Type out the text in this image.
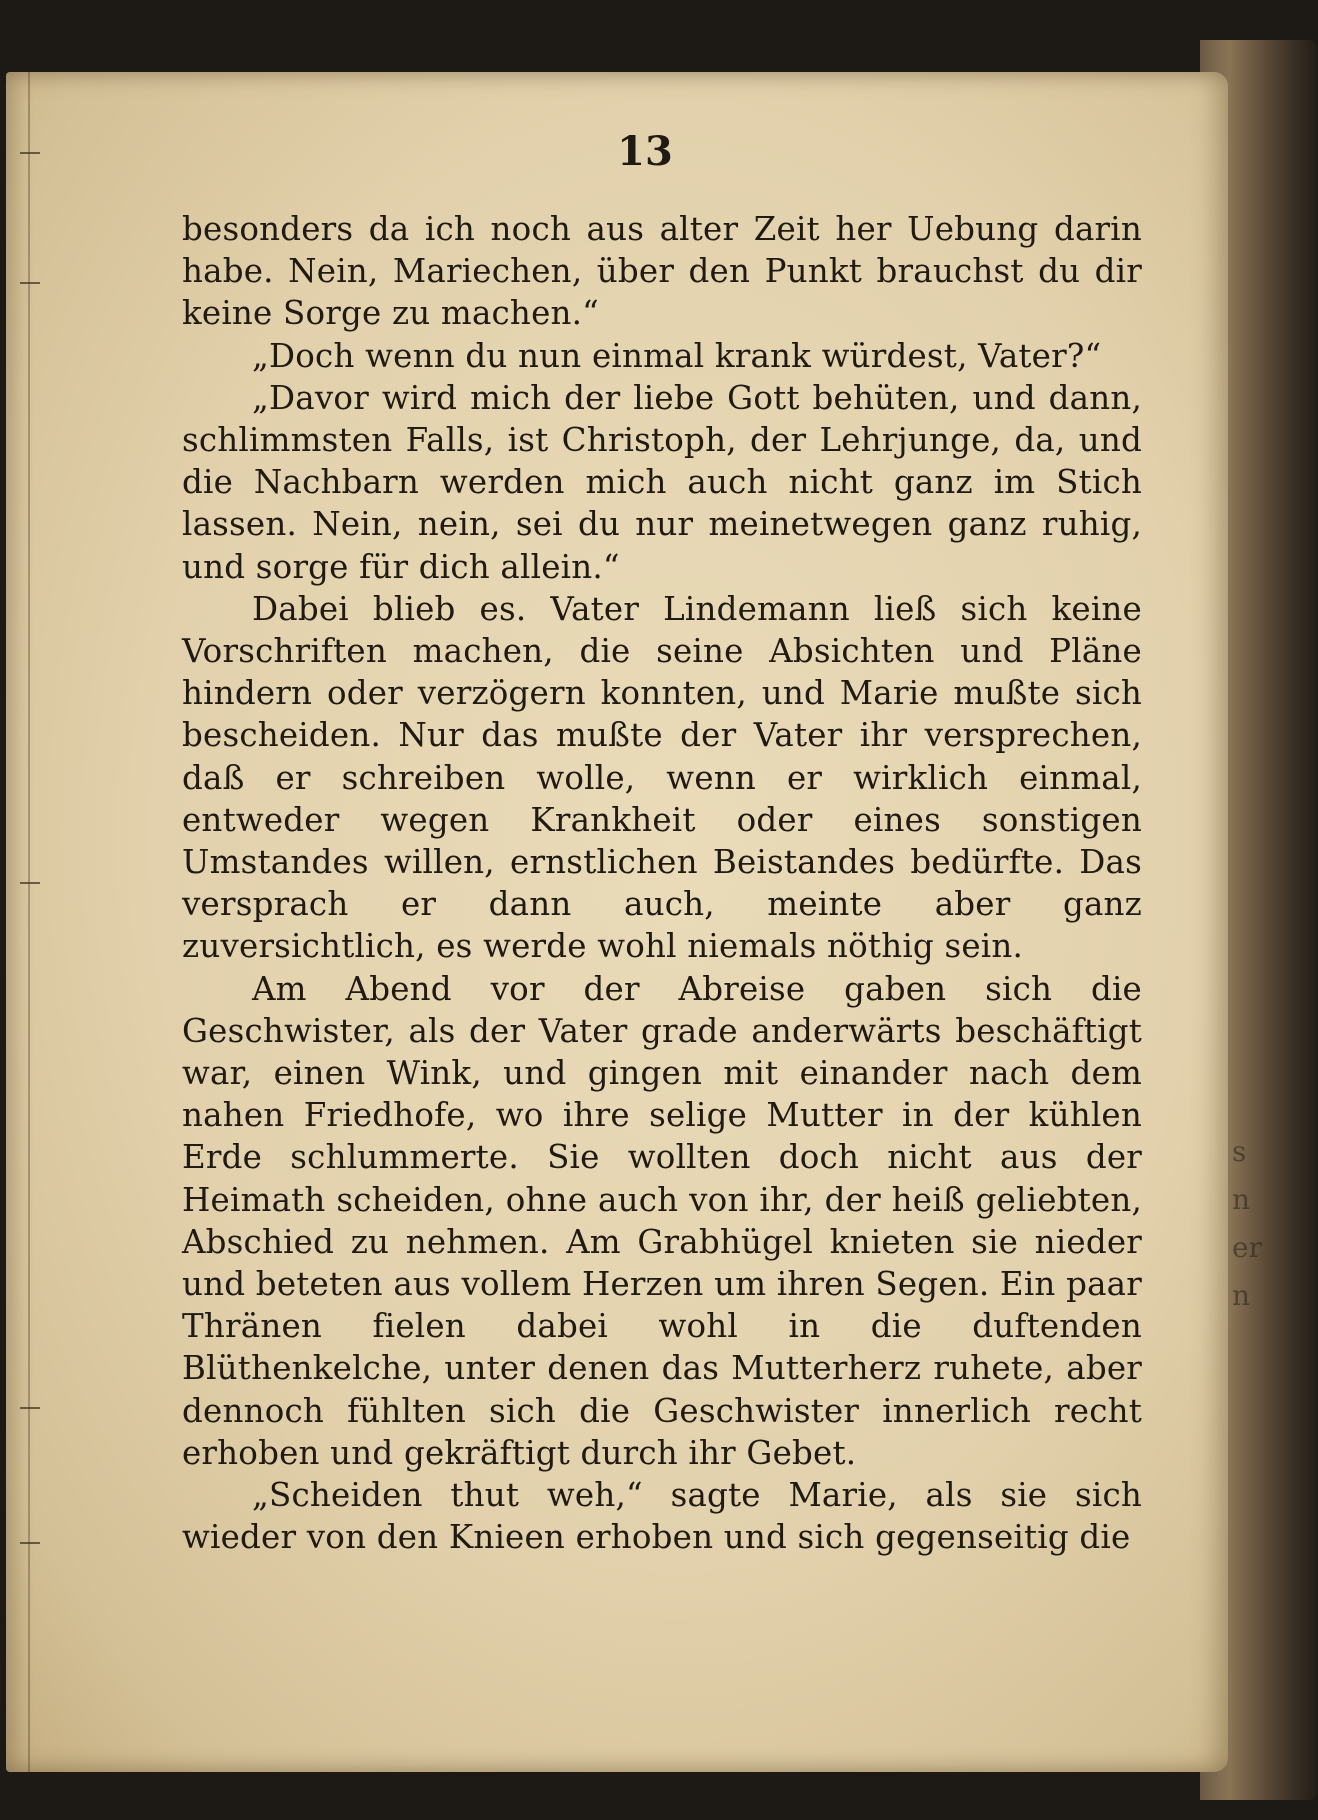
s
n
er
n
13

besonders da ich noch aus alter Zeit her Uebung darin habe. Nein, Mariechen, über den Punkt brauchst du dir keine Sorge zu machen.“

„Doch wenn du nun einmal krank würdest, Vater?“

„Davor wird mich der liebe Gott behüten, und dann, schlimmsten Falls, ist Christoph, der Lehrjunge, da, und die Nachbarn werden mich auch nicht ganz im Stich lassen. Nein, nein, sei du nur meinetwegen ganz ruhig, und sorge für dich allein.“

Dabei blieb es. Vater Lindemann ließ sich keine Vorschriften machen, die seine Absichten und Pläne hindern oder verzögern konnten, und Marie mußte sich bescheiden. Nur das mußte der Vater ihr versprechen, daß er schreiben wolle, wenn er wirklich einmal, entweder wegen Krankheit oder eines sonstigen Umstandes willen, ernstlichen Beistandes bedürfte. Das versprach er dann auch, meinte aber ganz zuversichtlich, es werde wohl niemals nöthig sein.

Am Abend vor der Abreise gaben sich die Geschwister, als der Vater grade anderwärts beschäftigt war, einen Wink, und gingen mit einander nach dem nahen Friedhofe, wo ihre selige Mutter in der kühlen Erde schlummerte. Sie wollten doch nicht aus der Heimath scheiden, ohne auch von ihr, der heiß geliebten, Abschied zu nehmen. Am Grabhügel knieten sie nieder und beteten aus vollem Herzen um ihren Segen. Ein paar Thränen fielen dabei wohl in die duftenden Blüthenkelche, unter denen das Mutterherz ruhete, aber dennoch fühlten sich die Geschwister innerlich recht erhoben und gekräftigt durch ihr Gebet.

„Scheiden thut weh,“ sagte Marie, als sie sich wieder von den Knieen erhoben und sich gegenseitig die
